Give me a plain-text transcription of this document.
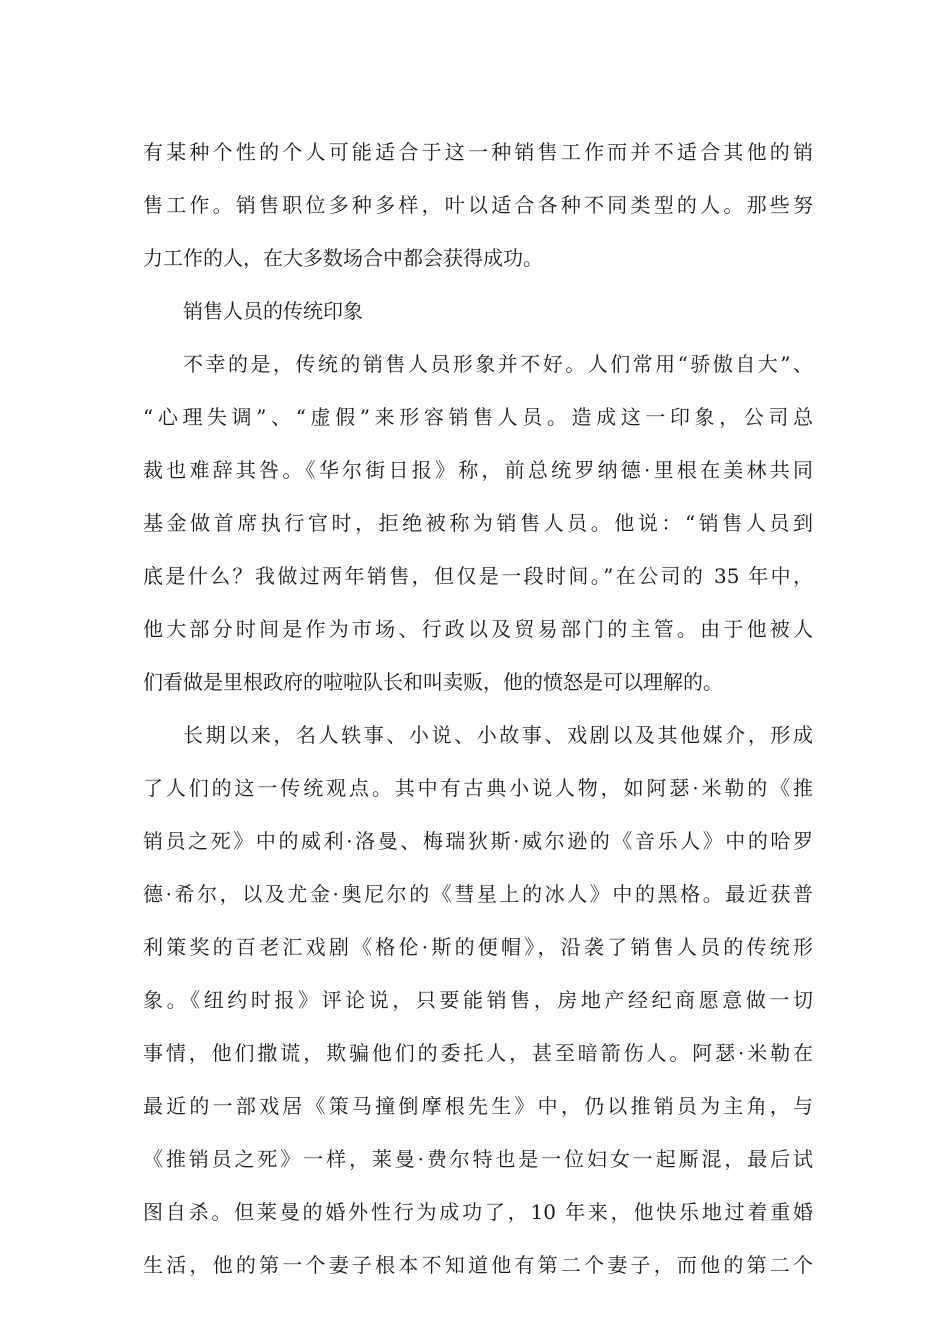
有某种个性的个人可能适合于这一种销售工作而并不适合其他的销
售工作。销售职位多种多样，叶以适合各种不同类型的人。那些努
力工作的人，在大多数场合中都会获得成功。
销售人员的传统印象
不幸的是，传统的销售人员形象并不好。人们常用“骄傲自大”、
“心理失调”、“虚假”来形容销售人员。造成这一印象，公司总
裁也难辞其咎。《华尔街日报》称，前总统罗纳德·里根在美林共同
基金做首席执行官时，拒绝被称为销售人员。他说：“销售人员到
底是什么？我做过两年销售，但仅是一段时间。”在公司的 35 年中，
他大部分时间是作为市场、行政以及贸易部门的主管。由于他被人
们看做是里根政府的啦啦队长和叫卖贩，他的愤怒是可以理解的。
长期以来，名人轶事、小说、小故事、戏剧以及其他媒介，形成
了人们的这一传统观点。其中有古典小说人物，如阿瑟·米勒的《推
销员之死》中的威利·洛曼、梅瑞狄斯·威尔逊的《音乐人》中的哈罗
德·希尔，以及尤金·奥尼尔的《彗星上的冰人》中的黑格。最近获普
利策奖的百老汇戏剧《格伦·斯的便帽》，沿袭了销售人员的传统形
象。《纽约时报》评论说，只要能销售，房地产经纪商愿意做一切
事情，他们撒谎，欺骗他们的委托人，甚至暗箭伤人。阿瑟·米勒在
最近的一部戏居《策马撞倒摩根先生》中，仍以推销员为主角，与
《推销员之死》一样，莱曼·费尔特也是一位妇女一起厮混，最后试
图自杀。但莱曼的婚外性行为成功了，10 年来，他快乐地过着重婚
生活，他的第一个妻子根本不知道他有第二个妻子，而他的第二个
